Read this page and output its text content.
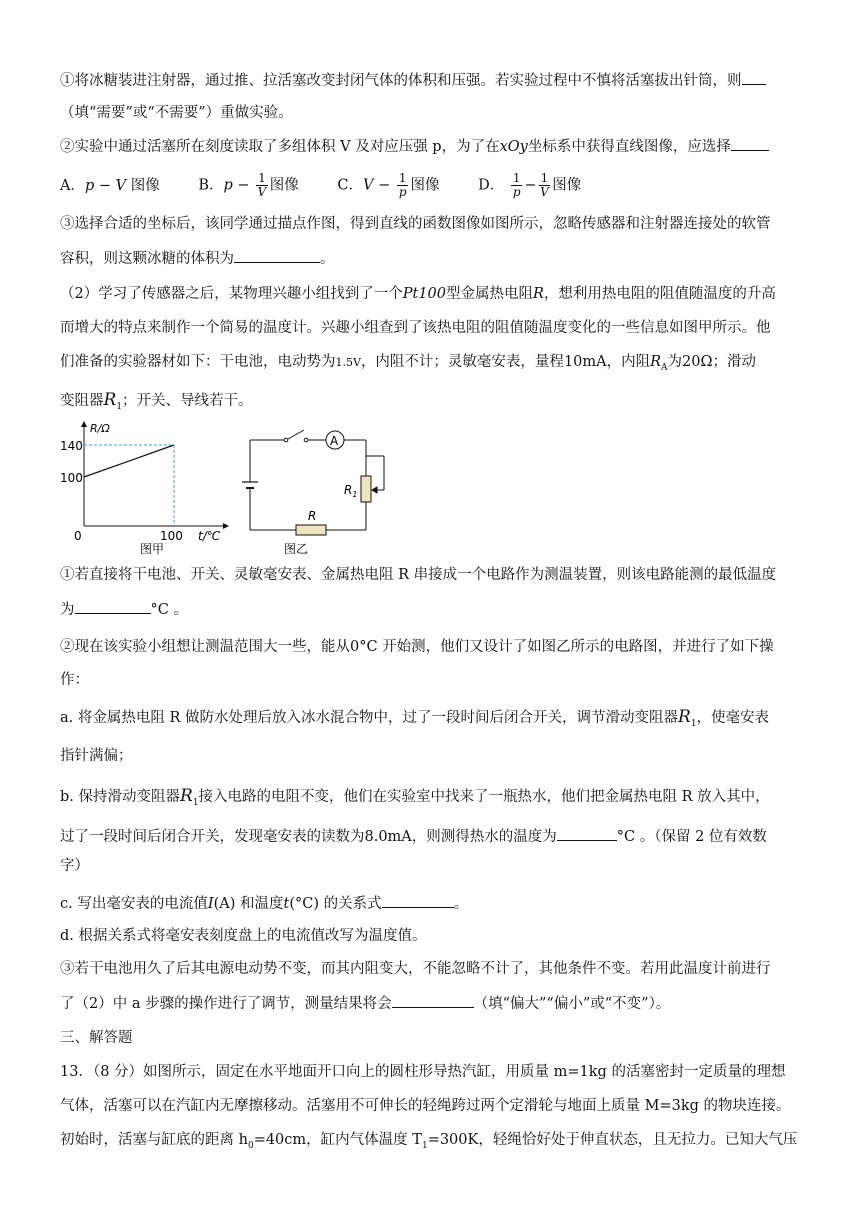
①将冰糖装进注射器，通过推、拉活塞改变封闭气体的体积和压强。若实验过程中不慎将活塞拔出针筒，则
（填“需要”或“不需要”）重做实验。
②实验中通过活塞所在刻度读取了多组体积 V 及对应压强 p，为了在xOy坐标系中获得直线图像，应选择
A．p − V 图像	B．$p - \frac{1}{V}$ 图像	C．$V - \frac{1}{p}$ 图像	D． $\frac{1}{p} - \frac{1}{V}$ 图像
③选择合适的坐标后，该同学通过描点作图，得到直线的函数图像如图所示，忽略传感器和注射器连接处的软管
容积，则这颗冰糖的体积为	。
（2）学习了传感器之后，某物理兴趣小组找到了一个Pt100型金属热电阻R，想利用热电阻的阻值随温度的升高
而增大的特点来制作一个简易的温度计。兴趣小组查到了该热电阻的阻值随温度变化的一些信息如图甲所示。他
们准备的实验器材如下：干电池，电动势为1.5V，内阻不计；灵敏毫安表，量程10mA，内阻$R_A$为20Ω；滑动
变阻器$R_1$；开关、导线若干。
R/Ω
t/℃
140
100
0	100
图甲
A
$R_1$
R
图乙
①若直接将干电池、开关、灵敏毫安表、金属热电阻 R 串接成一个电路作为测温装置，则该电路能测的最低温度
为	°C 。
②现在该实验小组想让测温范围大一些，能从0°C 开始测，他们又设计了如图乙所示的电路图，并进行了如下操
作：
a. 将金属热电阻 R 做防水处理后放入冰水混合物中，过了一段时间后闭合开关，调节滑动变阻器$R_1$，使毫安表
指针满偏；
b. 保持滑动变阻器$R_1$接入电路的电阻不变，他们在实验室中找来了一瓶热水，他们把金属热电阻 R 放入其中，
过了一段时间后闭合开关，发现毫安表的读数为8.0mA，则测得热水的温度为	°C 。（保留 2 位有效数
字）
c. 写出毫安表的电流值I(A) 和温度t(°C) 的关系式	。
d. 根据关系式将毫安表刻度盘上的电流值改写为温度值。
③若干电池用久了后其电源电动势不变，而其内阻变大，不能忽略不计了，其他条件不变。若用此温度计前进行
了（2）中 a 步骤的操作进行了调节，测量结果将会	（填“偏大”“偏小”或“不变”）。
三、解答题
13．（8 分）如图所示，固定在水平地面开口向上的圆柱形导热汽缸，用质量 m=1kg 的活塞密封一定质量的理想
气体，活塞可以在汽缸内无摩擦移动。活塞用不可伸长的轻绳跨过两个定滑轮与地面上质量 M=3kg 的物块连接。
初始时，活塞与缸底的距离 $h_0=40cm$，缸内气体温度 $T_1=300K$，轻绳恰好处于伸直状态，且无拉力。已知大气压
